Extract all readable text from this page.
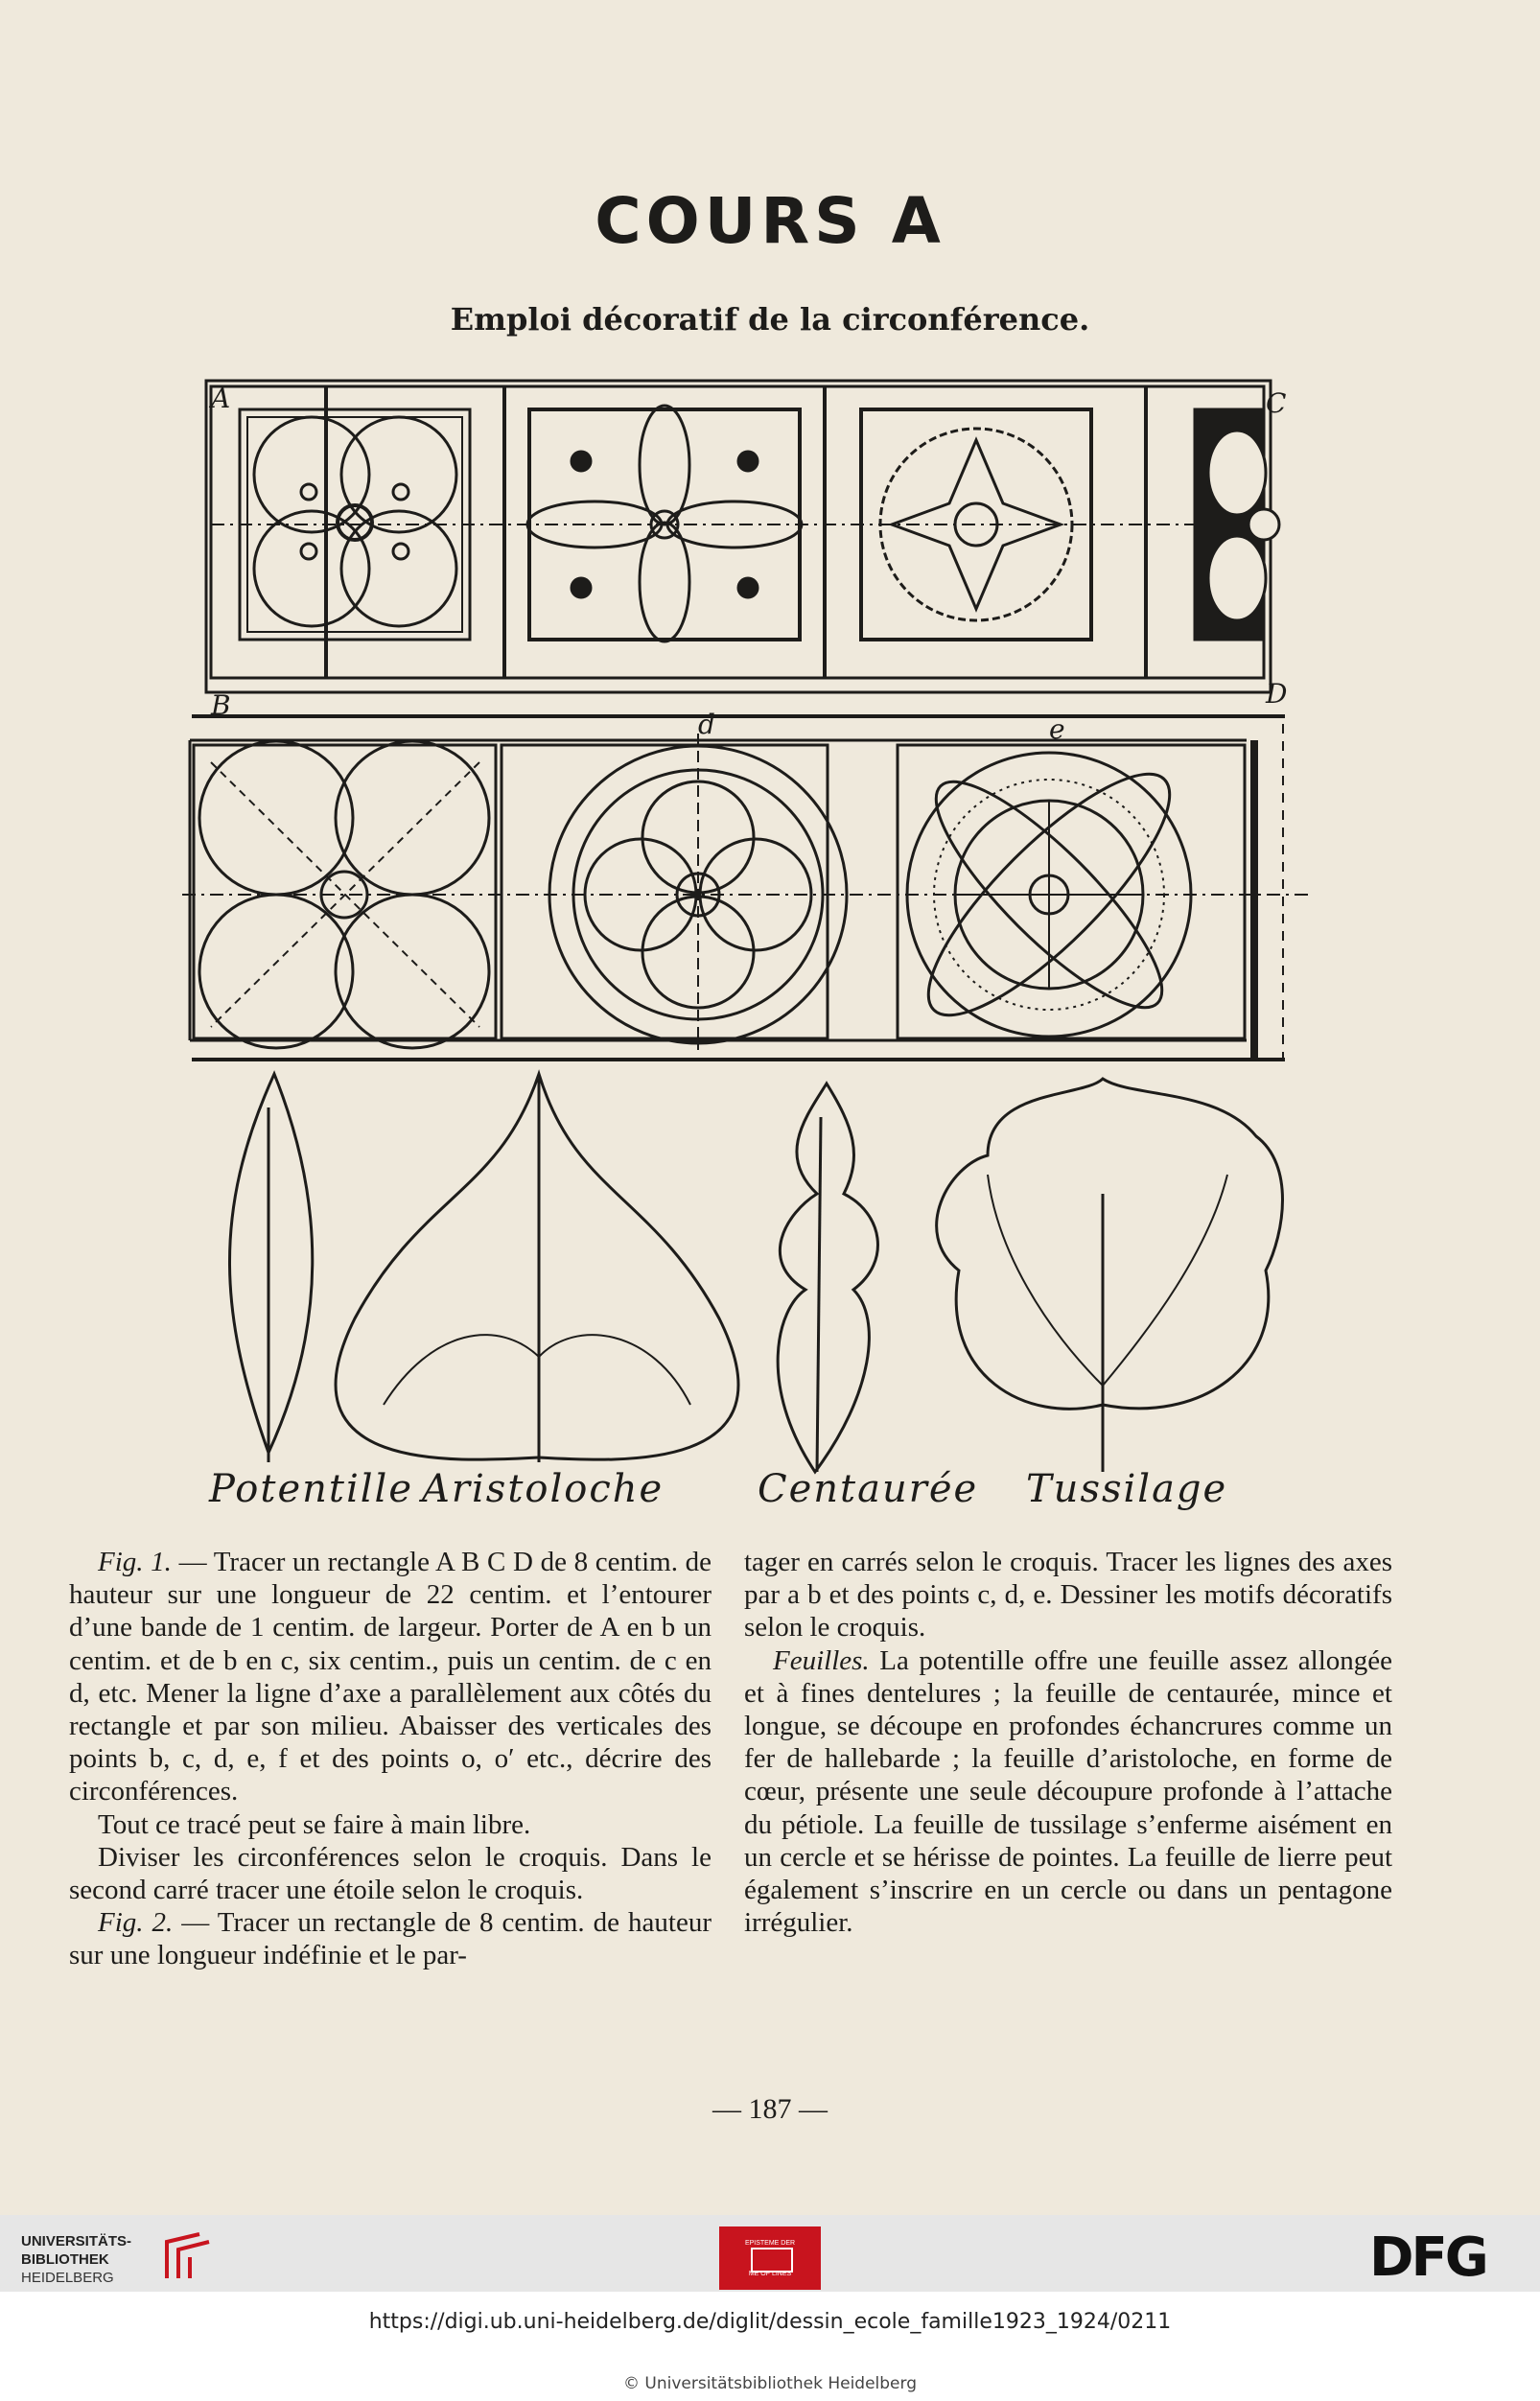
COURS A
Emploi décoratif de la circonférence.
A	C
B	D
d	e
Potentille Aristoloche Centaurée Tussilage

Fig. 1. — Tracer un rectangle A B C D de 8 centim. de hauteur sur une longueur de 22 centim. et l’entourer d’une bande de 1 centim. de largeur. Porter de A en b un centim. et de b en c, six centim., puis un centim. de c en d, etc. Mener la ligne d’axe a parallèlement aux côtés du rectangle et par son milieu. Abaisser des verticales des points b, c, d, e, f et des points o, o′ etc., décrire des circonférences.

Tout ce tracé peut se faire à main libre.

Diviser les circonférences selon le croquis. Dans le second carré tracer une étoile selon le croquis.

Fig. 2. — Tracer un rectangle de 8 centim. de hauteur sur une longueur indéfinie et le par-

tager en carrés selon le croquis. Tracer les lignes des axes par a b et des points c, d, e. Dessiner les motifs décoratifs selon le croquis.

Feuilles. La potentille offre une feuille assez allongée et à fines dentelures ; la feuille de centaurée, mince et longue, se découpe en profondes échancrures comme un fer de hallebarde ; la feuille d’aristoloche, en forme de cœur, présente une seule découpure profonde à l’attache du pétiole. La feuille de tussilage s’enferme aisément en un cercle et se hérisse de pointes. La feuille de lierre peut également s’inscrire en un cercle ou dans un pentagone irrégulier.

— 187 —
UNIVERSITÄTS-
BIBLIOTHEK
HEIDELBERG
EPISTEME DER
ME OF LINES	DFG
https://digi.ub.uni-heidelberg.de/diglit/dessin_ecole_famille1923_1924/0211
© Universitätsbibliothek Heidelberg
